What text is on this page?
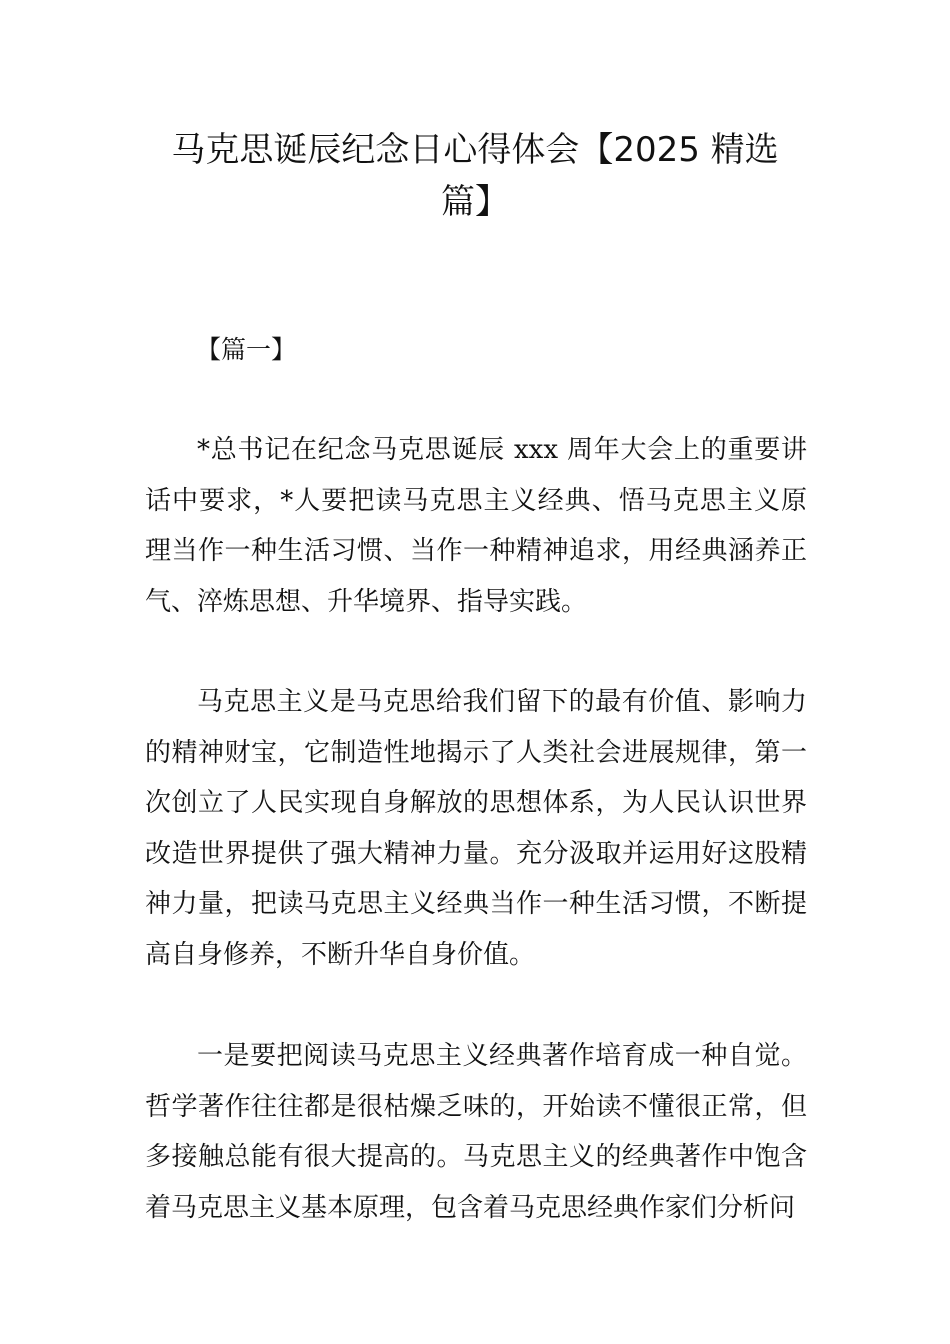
马克思诞辰纪念日心得体会【2025 精选
篇】

【篇一】

*总书记在纪念马克思诞辰 xxx 周年大会上的重要讲话中要求，*人要把读马克思主义经典、悟马克思主义原理当作一种生活习惯、当作一种精神追求，用经典涵养正气、淬炼思想、升华境界、指导实践。

马克思主义是马克思给我们留下的最有价值、影响力的精神财宝，它制造性地揭示了人类社会进展规律，第一次创立了人民实现自身解放的思想体系，为人民认识世界改造世界提供了强大精神力量。充分汲取并运用好这股精神力量，把读马克思主义经典当作一种生活习惯，不断提高自身修养，不断升华自身价值。

一是要把阅读马克思主义经典著作培育成一种自觉。哲学著作往往都是很枯燥乏味的，开始读不懂很正常，但多接触总能有很大提高的。马克思主义的经典著作中饱含着马克思主义基本原理，包含着马克思经典作家们分析问
